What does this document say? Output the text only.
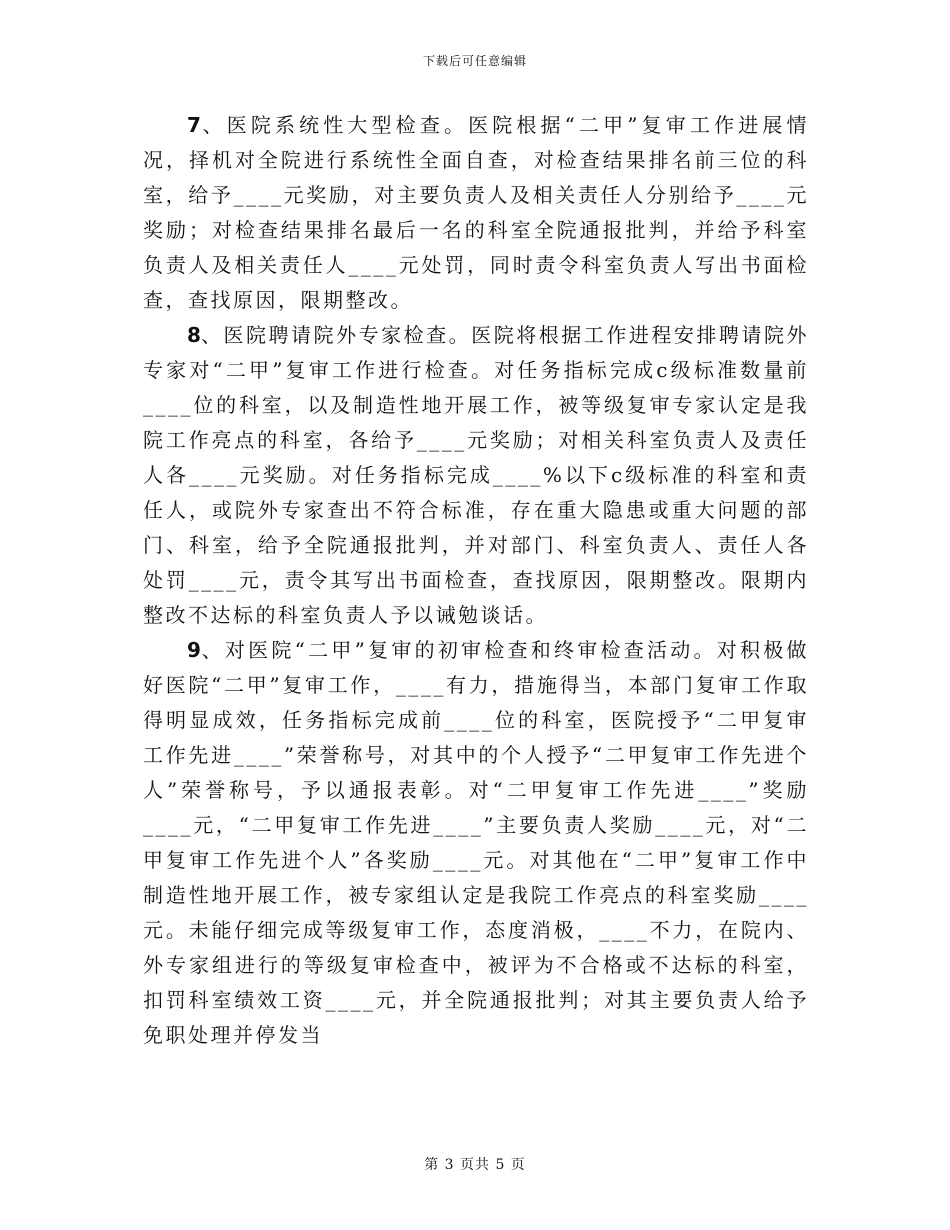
下载后可任意编辑

7、医院系统性大型检查。医院根据“二甲”复审工作进展情况，择机对全院进行系统性全面自查，对检查结果排名前三位的科室，给予____元奖励，对主要负责人及相关责任人分别给予____元奖励；对检查结果排名最后一名的科室全院通报批判，并给予科室负责人及相关责任人____元处罚，同时责令科室负责人写出书面检查，查找原因，限期整改。

8、医院聘请院外专家检查。医院将根据工作进程安排聘请院外专家对“二甲”复审工作进行检查。对任务指标完成c级标准数量前____位的科室，以及制造性地开展工作，被等级复审专家认定是我院工作亮点的科室，各给予____元奖励；对相关科室负责人及责任人各____元奖励。对任务指标完成____%以下c级标准的科室和责任人，或院外专家查出不符合标准，存在重大隐患或重大问题的部门、科室，给予全院通报批判，并对部门、科室负责人、责任人各处罚____元，责令其写出书面检查，查找原因，限期整改。限期内整改不达标的科室负责人予以诫勉谈话。

9、对医院“二甲”复审的初审检查和终审检查活动。对积极做好医院“二甲”复审工作，____有力，措施得当，本部门复审工作取得明显成效，任务指标完成前____位的科室，医院授予“二甲复审工作先进____”荣誉称号，对其中的个人授予“二甲复审工作先进个人”荣誉称号，予以通报表彰。对“二甲复审工作先进____”奖励____元，“二甲复审工作先进____”主要负责人奖励____元，对“二甲复审工作先进个人”各奖励____元。对其他在“二甲”复审工作中制造性地开展工作，被专家组认定是我院工作亮点的科室奖励____元。未能仔细完成等级复审工作，态度消极，____不力，在院内、外专家组进行的等级复审检查中，被评为不合格或不达标的科室，扣罚科室绩效工资____元，并全院通报批判；对其主要负责人给予免职处理并停发当

第 3 页共 5 页
